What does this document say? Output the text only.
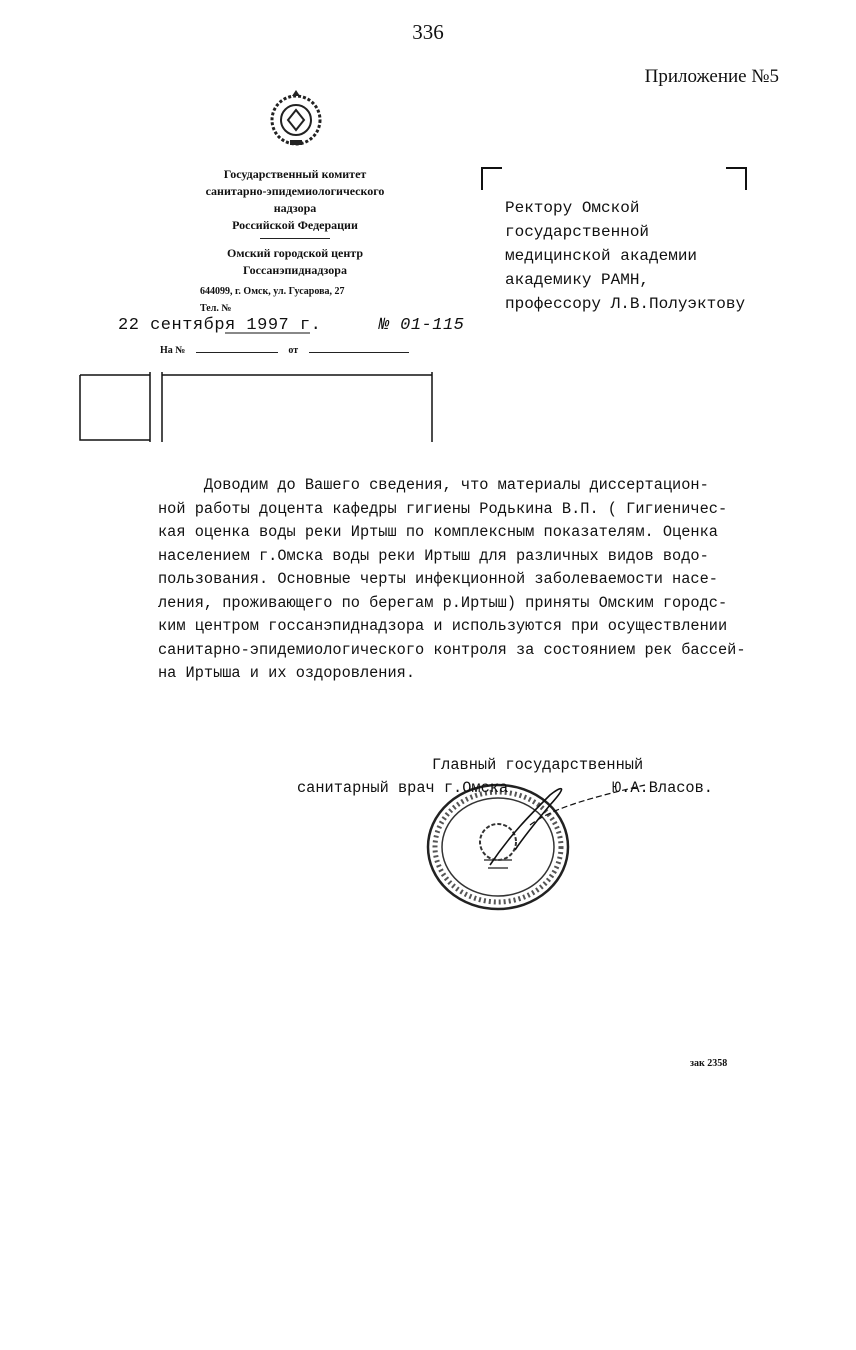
336
Приложение №5
Государственный комитет
санитарно-эпидемиологического
надзора
Российской Федерации
Омский городской центр
Госсанэпиднадзора
644099, г. Омск, ул. Гусарова, 27
Тел. №
22 сентября 1997 г.	№ 01-115
На №	от
Ректору Омской
государственной
медицинской академии
академику РАМН,
профессору Л.В.Полуэктову

Доводим до Вашего сведения, что материалы диссертацион-

ной работы доцента кафедры гигиены Родькина В.П. ( Гигиеничес-

кая оценка воды реки Иртыш по комплексным показателям. Оценка

населением г.Омска воды реки Иртыш для различных видов водо-

пользования. Основные черты инфекционной заболеваемости насе-

ления, проживающего по берегам р.Иртыш) приняты Омским городс-

ким центром госсанэпиднадзора и используются при осуществлении

санитарно-эпидемиологического контроля за состоянием рек бассей-

на Иртыша и их оздоровления.

Главный государственный
санитарный врач г.Омска	Ю.А.Власов.
зак 2358
